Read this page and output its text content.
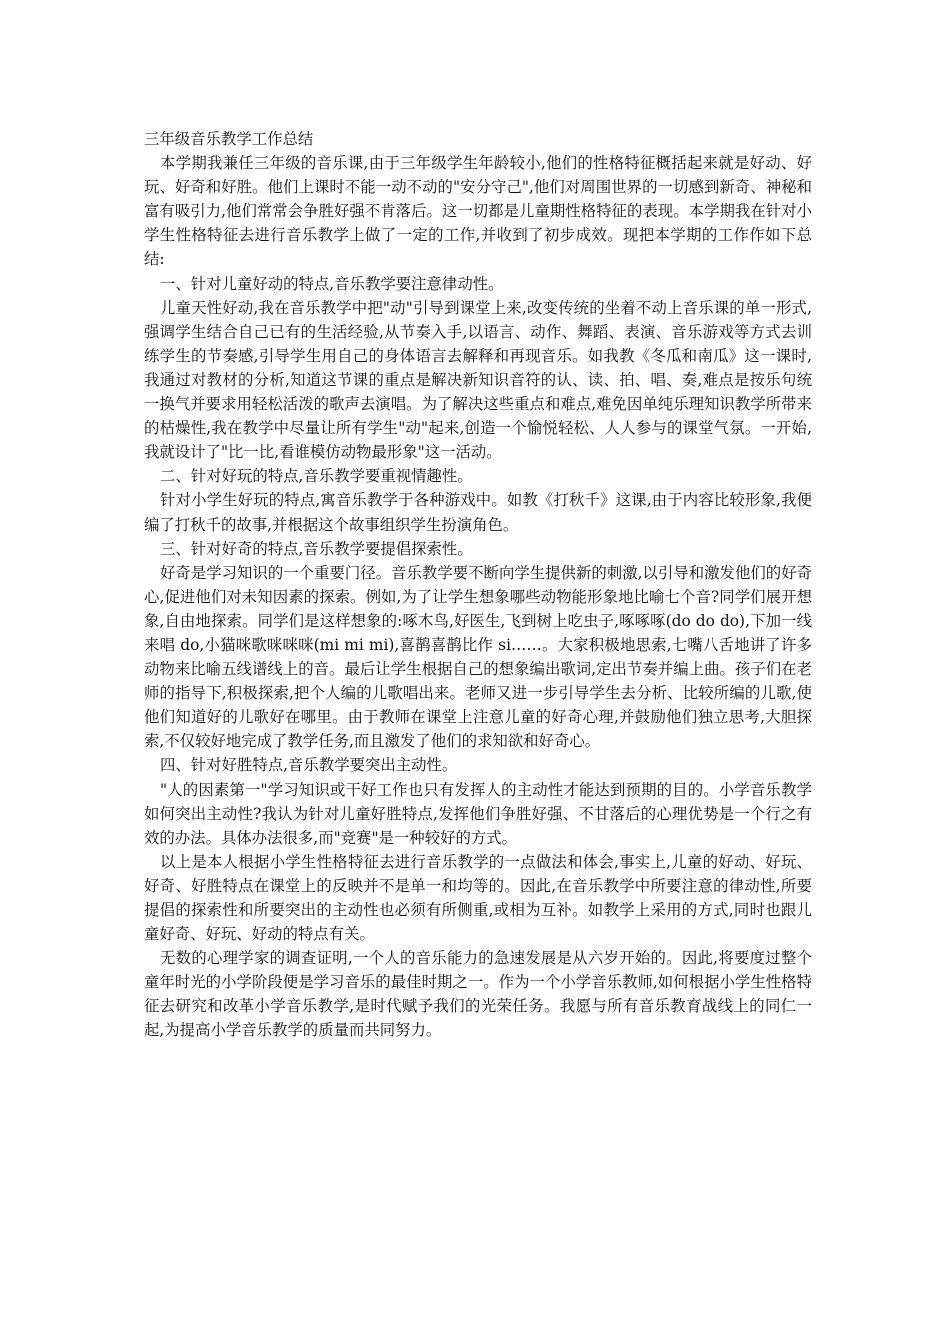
三年级音乐教学工作总结

本学期我兼任三年级的音乐课,由于三年级学生年龄较小,他们的性格特征概括起来就是好动、好玩、好奇和好胜。他们上课时不能一动不动的"安分守己",他们对周围世界的一切感到新奇、神秘和富有吸引力,他们常常会争胜好强不肯落后。这一切都是儿童期性格特征的表现。本学期我在针对小学生性格特征去进行音乐教学上做了一定的工作,并收到了初步成效。现把本学期的工作作如下总结:

一、针对儿童好动的特点,音乐教学要注意律动性。

儿童天性好动,我在音乐教学中把"动"引导到课堂上来,改变传统的坐着不动上音乐课的单一形式,强调学生结合自己已有的生活经验,从节奏入手,以语言、动作、舞蹈、表演、音乐游戏等方式去训练学生的节奏感,引导学生用自己的身体语言去解释和再现音乐。如我教《冬瓜和南瓜》这一课时,我通过对教材的分析,知道这节课的重点是解决新知识音符的认、读、拍、唱、奏,难点是按乐句统一换气并要求用轻松活泼的歌声去演唱。为了解决这些重点和难点,难免因单纯乐理知识教学所带来的枯燥性,我在教学中尽量让所有学生"动"起来,创造一个愉悦轻松、人人参与的课堂气氛。一开始,我就设计了"比一比,看谁模仿动物最形象"这一活动。

二、针对好玩的特点,音乐教学要重视情趣性。

针对小学生好玩的特点,寓音乐教学于各种游戏中。如教《打秋千》这课,由于内容比较形象,我便编了打秋千的故事,并根据这个故事组织学生扮演角色。

三、针对好奇的特点,音乐教学要提倡探索性。

好奇是学习知识的一个重要门径。音乐教学要不断向学生提供新的刺激,以引导和激发他们的好奇心,促进他们对未知因素的探索。例如,为了让学生想象哪些动物能形象地比喻七个音?同学们展开想象,自由地探索。同学们是这样想象的:啄木鸟,好医生,飞到树上吃虫子,啄啄啄(do do do),下加一线来唱 do,小猫咪歌咪咪咪(mi mi mi),喜鹊喜鹊比作 si……。大家积极地思索,七嘴八舌地讲了许多动物来比喻五线谱线上的音。最后让学生根据自己的想象编出歌词,定出节奏并编上曲。孩子们在老师的指导下,积极探索,把个人编的儿歌唱出来。老师又进一步引导学生去分析、比较所编的儿歌,使他们知道好的儿歌好在哪里。由于教师在课堂上注意儿童的好奇心理,并鼓励他们独立思考,大胆探索,不仅较好地完成了教学任务,而且激发了他们的求知欲和好奇心。

四、针对好胜特点,音乐教学要突出主动性。

"人的因素第一"学习知识或干好工作也只有发挥人的主动性才能达到预期的目的。小学音乐教学如何突出主动性?我认为针对儿童好胜特点,发挥他们争胜好强、不甘落后的心理优势是一个行之有效的办法。具体办法很多,而"竞赛"是一种较好的方式。

以上是本人根据小学生性格特征去进行音乐教学的一点做法和体会,事实上,儿童的好动、好玩、好奇、好胜特点在课堂上的反映并不是单一和均等的。因此,在音乐教学中所要注意的律动性,所要提倡的探索性和所要突出的主动性也必须有所侧重,或相为互补。如教学上采用的方式,同时也跟儿童好奇、好玩、好动的特点有关。

无数的心理学家的调查证明,一个人的音乐能力的急速发展是从六岁开始的。因此,将要度过整个童年时光的小学阶段便是学习音乐的最佳时期之一。作为一个小学音乐教师,如何根据小学生性格特征去研究和改革小学音乐教学,是时代赋予我们的光荣任务。我愿与所有音乐教育战线上的同仁一起,为提高小学音乐教学的质量而共同努力。
